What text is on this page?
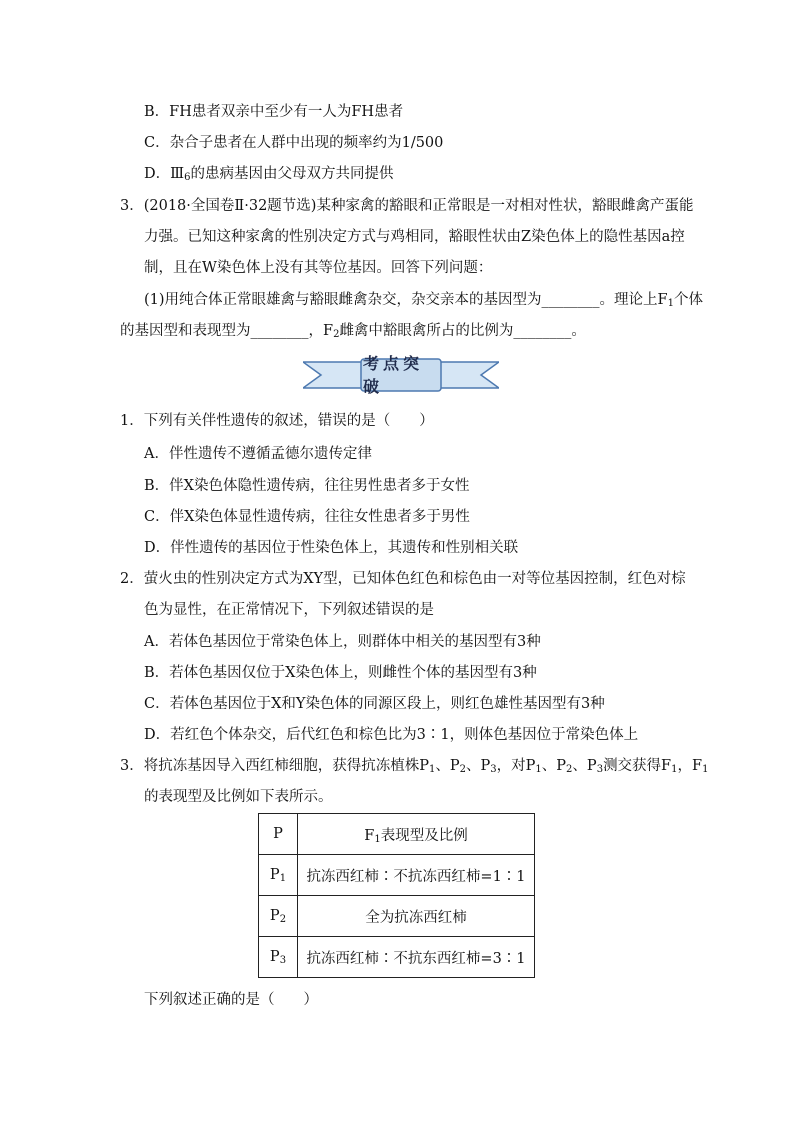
B．FH患者双亲中至少有一人为FH患者
C．杂合子患者在人群中出现的频率约为1/500
D．$Ⅲ_6$的患病基因由父母双方共同提供
3．(2018·全国卷Ⅱ·32题节选)某种家禽的豁眼和正常眼是一对相对性状，豁眼雌禽产蛋能
力强。已知这种家禽的性别决定方式与鸡相同，豁眼性状由Z染色体上的隐性基因a控
制，且在W染色体上没有其等位基因。回答下列问题：
(1)用纯合体正常眼雄禽与豁眼雌禽杂交，杂交亲本的基因型为________。理论上$F_1$个体
的基因型和表现型为________，$F_2$雌禽中豁眼禽所占的比例为________。
考点突破
1．下列有关伴性遗传的叙述，错误的是（　　）
A．伴性遗传不遵循孟德尔遗传定律
B．伴X染色体隐性遗传病，往往男性患者多于女性
C．伴X染色体显性遗传病，往往女性患者多于男性
D．伴性遗传的基因位于性染色体上，其遗传和性别相关联
2．萤火虫的性别决定方式为XY型，已知体色红色和棕色由一对等位基因控制，红色对棕
色为显性，在正常情况下，下列叙述错误的是
A．若体色基因位于常染色体上，则群体中相关的基因型有3种
B．若体色基因仅位于X染色体上，则雌性个体的基因型有3种
C．若体色基因位于X和Y染色体的同源区段上，则红色雄性基因型有3种
D．若红色个体杂交，后代红色和棕色比为3∶1，则体色基因位于常染色体上
3．将抗冻基因导入西红柿细胞，获得抗冻植株$P_1$、$P_2$、$P_3$，对$P_1$、$P_2$、$P_3$测交获得$F_1$，$F_1$
的表现型及比例如下表所示。
P	$F_1$表现型及比例
$P_1$	抗冻西红柿∶不抗冻西红柿=1∶1
$P_2$	全为抗冻西红柿
$P_3$	抗冻西红柿∶不抗东西红柿=3∶1
下列叙述正确的是（　　）
